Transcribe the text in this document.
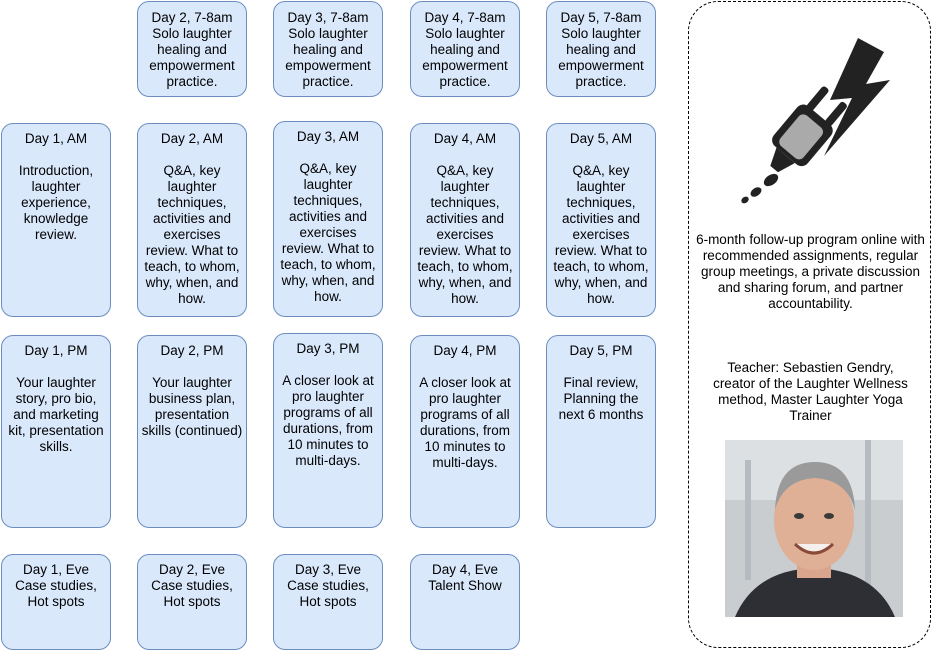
Day 2, 7-8am
Solo laughter
healing and
empowerment
practice.
Day 3, 7-8am
Solo laughter
healing and
empowerment
practice.
Day 4, 7-8am
Solo laughter
healing and
empowerment
practice.
Day 5, 7-8am
Solo laughter
healing and
empowerment
practice.
Day 1, AM

Introduction,
laughter
experience,
knowledge
review.
Day 2, AM

Q&A, key
laughter
techniques,
activities and
exercises
review. What to
teach, to whom,
why, when, and
how.
Day 3, AM

Q&A, key
laughter
techniques,
activities and
exercises
review. What to
teach, to whom,
why, when, and
how.
Day 4, AM

Q&A, key
laughter
techniques,
activities and
exercises
review. What to
teach, to whom,
why, when, and
how.
Day 5, AM

Q&A, key
laughter
techniques,
activities and
exercises
review. What to
teach, to whom,
why, when, and
how.
Day 1, PM

Your laughter
story, pro bio,
and marketing
kit, presentation
skills.
Day 2, PM

Your laughter
business plan,
presentation
skills (continued)
Day 3, PM

A closer look at
pro laughter
programs of all
durations, from
10 minutes to
multi-days.
Day 4, PM

A closer look at
pro laughter
programs of all
durations, from
10 minutes to
multi-days.
Day 5, PM

Final review,
Planning the
next 6 months
Day 1, Eve
Case studies,
Hot spots
Day 2, Eve
Case studies,
Hot spots
Day 3, Eve
Case studies,
Hot spots
Day 4, Eve
Talent Show
6-month follow-up program online with
recommended assignments, regular
group meetings, a private discussion
and sharing forum, and partner
accountability.
Teacher: Sebastien Gendry,
creator of the Laughter Wellness
method, Master Laughter Yoga
Trainer
